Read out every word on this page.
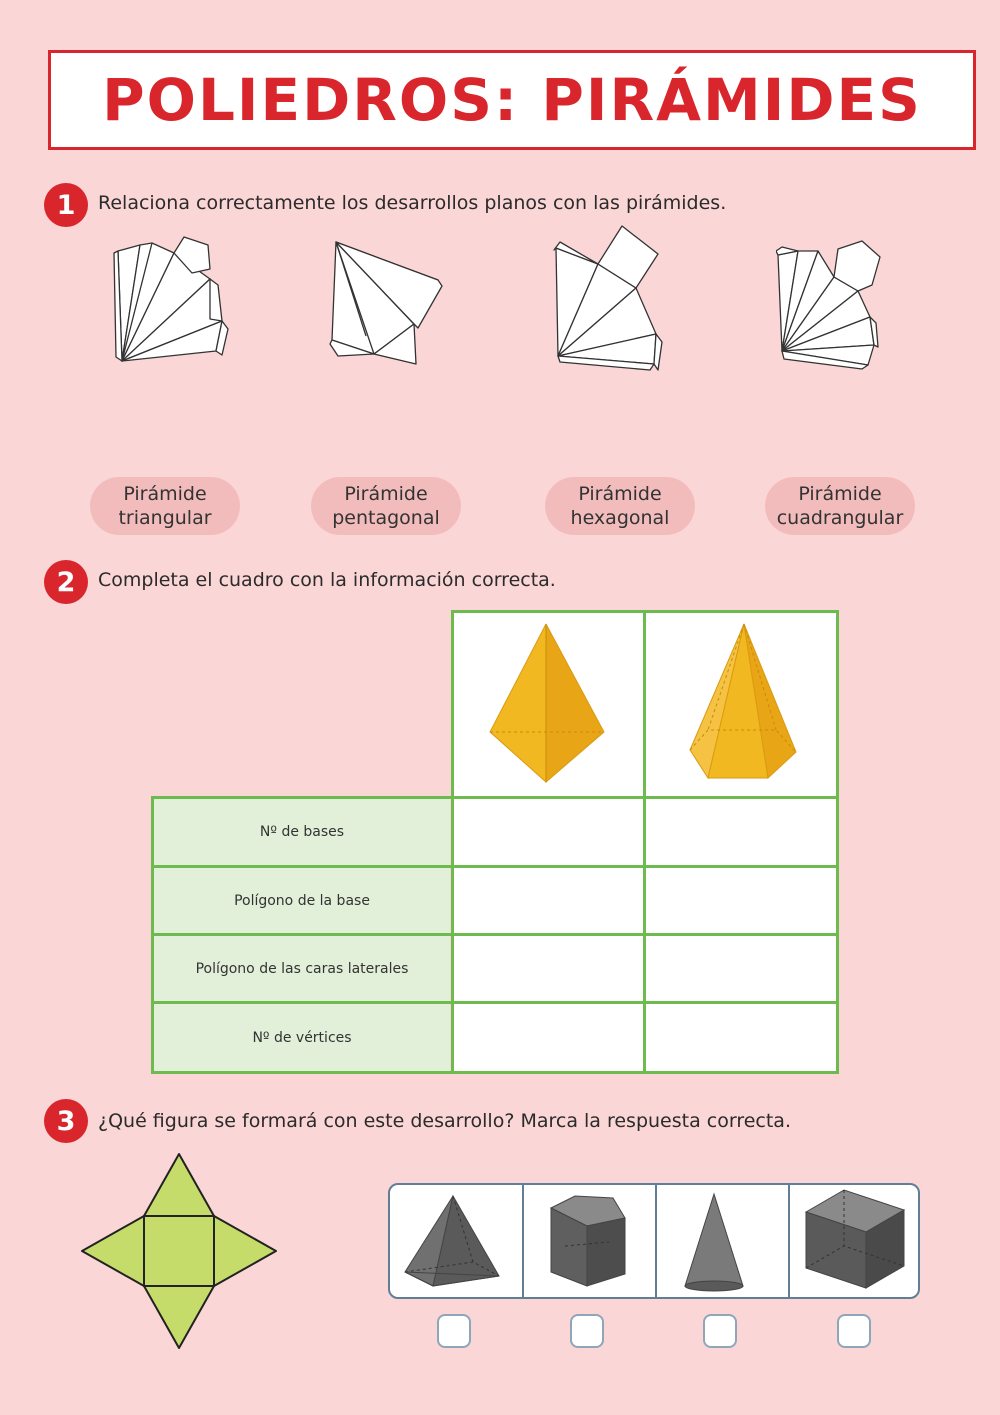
POLIEDROS: PIRÁMIDES
1	Relaciona correctamente los desarrollos planos con las pirámides.
Pirámide
triangular
Pirámide
pentagonal
Pirámide
hexagonal
Pirámide
cuadrangular
2	Completa el cuadro con la información correcta.
Nº de bases
Polígono de la base
Polígono de las caras laterales
Nº de vértices
3	¿Qué figura se formará con este desarrollo? Marca la respuesta correcta.
